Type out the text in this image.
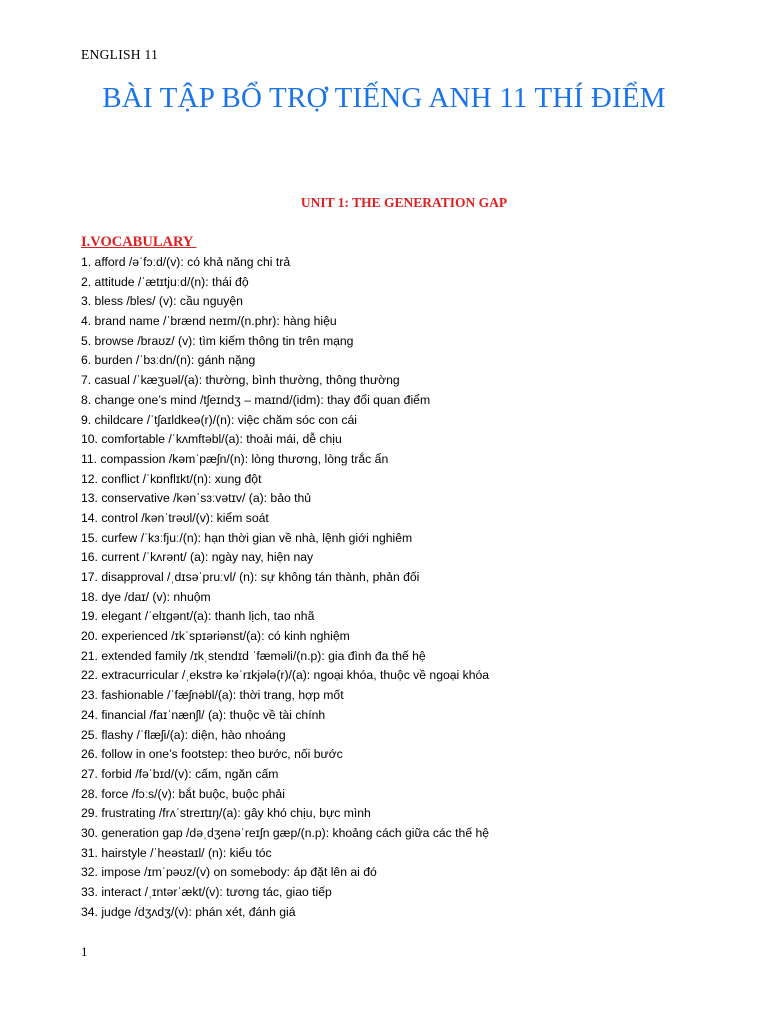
ENGLISH 11
BÀI TẬP BỔ TRỢ TIẾNG ANH 11 THÍ ĐIỂM
UNIT 1: THE GENERATION GAP
I.VOCABULARY
1. afford /əˈfɔːd/(v): có khả năng chi trả
2. attitude /ˈætɪtjuːd/(n): thái độ
3. bless /bles/ (v): cầu nguyện
4. brand name /ˈbrænd neɪm/(n.phr): hàng hiệu
5. browse /braʊz/ (v): tìm kiếm thông tin trên mạng
6. burden /ˈbɜːdn/(n): gánh nặng
7. casual /ˈkæʒuəl/(a): thường, bình thường, thông thường
8. change one’s mind /tʃeɪndʒ – maɪnd/(idm): thay đổi quan điểm
9. childcare /ˈtʃaɪldkeə(r)/(n): việc chăm sóc con cái
10. comfortable /ˈkʌmftəbl/(a): thoải mái, dễ chịu
11. compassion /kəmˈpæʃn/(n): lòng thương, lòng trắc ẩn
12. conflict /ˈkɒnflɪkt/(n): xung đột
13. conservative /kənˈsɜːvətɪv/ (a): bảo thủ
14. control /kənˈtrəʊl/(v): kiểm soát
15. curfew /ˈkɜːfjuː/(n): hạn thời gian về nhà, lệnh giới nghiêm
16. current /ˈkʌrənt/ (a): ngày nay, hiện nay
17. disapproval /ˌdɪsəˈpruːvl/ (n): sự không tán thành, phản đối
18. dye /daɪ/ (v): nhuộm
19. elegant /ˈelɪgənt/(a): thanh lịch, tao nhã
20. experienced /ɪkˈspɪəriənst/(a): có kinh nghiệm
21. extended family /ɪkˌstendɪd ˈfæməli/(n.p): gia đình đa thế hệ
22. extracurricular /ˌekstrə kəˈrɪkjələ(r)/(a): ngoại khóa, thuộc về ngoại khóa
23. fashionable /ˈfæʃnəbl/(a): thời trang, hợp mốt
24. financial /faɪˈnænʃl/ (a): thuộc về tài chính
25. flashy /ˈflæʃi/(a): diện, hào nhoáng
26. follow in one’s footstep: theo bước, nối bước
27. forbid /fəˈbɪd/(v): cấm, ngăn cấm
28. force /fɔːs/(v): bắt buộc, buộc phải
29. frustrating /frʌˈstreɪtɪŋ/(a): gây khó chịu, bực mình
30. generation gap /dəˌdʒenəˈreɪʃn gæp/(n.p): khoảng cách giữa các thế hệ
31. hairstyle /ˈheəstaɪl/ (n): kiểu tóc
32. impose /ɪmˈpəʊz/(v) on somebody: áp đặt lên ai đó
33. interact /ˌɪntərˈækt/(v): tương tác, giao tiếp
34. judge /dʒʌdʒ/(v): phán xét, đánh giá
1
